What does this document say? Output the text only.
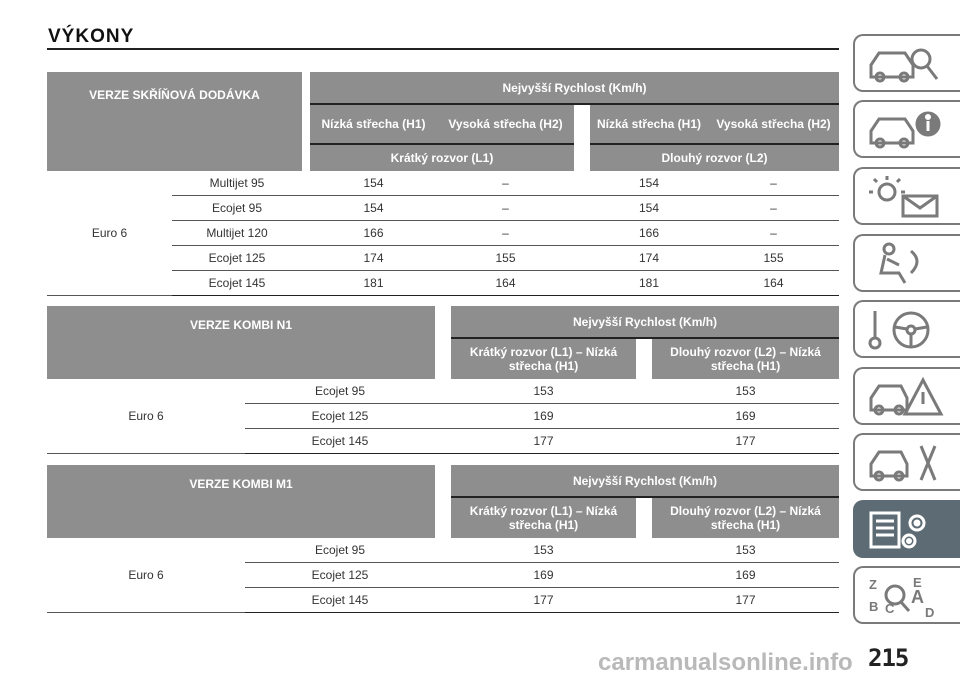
VÝKONY
VERZE SKŘÍŇOVÁ DODÁVKA			Nejvyšší Rychlost (Km/h)				
			Nízká střecha (H1)	Vysoká střecha (H2)		Nízká střecha (H1)	Vysoká střecha (H2)
			Krátký rozvor (L1)			Dlouhý rozvor (L2)	
Euro 6	Multijet 95		154	–		154	–
	Ecojet 95		154	–		154	–
	Multijet 120		166	–		166	–
	Ecojet 125		174	155		174	155
	Ecojet 145		181	164		181	164
VERZE KOMBI N1			Nejvyšší Rychlost (Km/h)		
			Krátký rozvor (L1) – Nízká střecha (H1)		Dlouhý rozvor (L2) – Nízká střecha (H1)
Euro 6	Ecojet 95		153		153
	Ecojet 125		169		169
	Ecojet 145		177		177
VERZE KOMBI M1			Nejvyšší Rychlost (Km/h)		
			Krátký rozvor (L1) – Nízká střecha (H1)		Dlouhý rozvor (L2) – Nízká střecha (H1)
Euro 6	Ecojet 95		153		153
	Ecojet 125		169		169
	Ecojet 145		177		177
Z	E
B C
A
D
215
carmanualsonline.info
